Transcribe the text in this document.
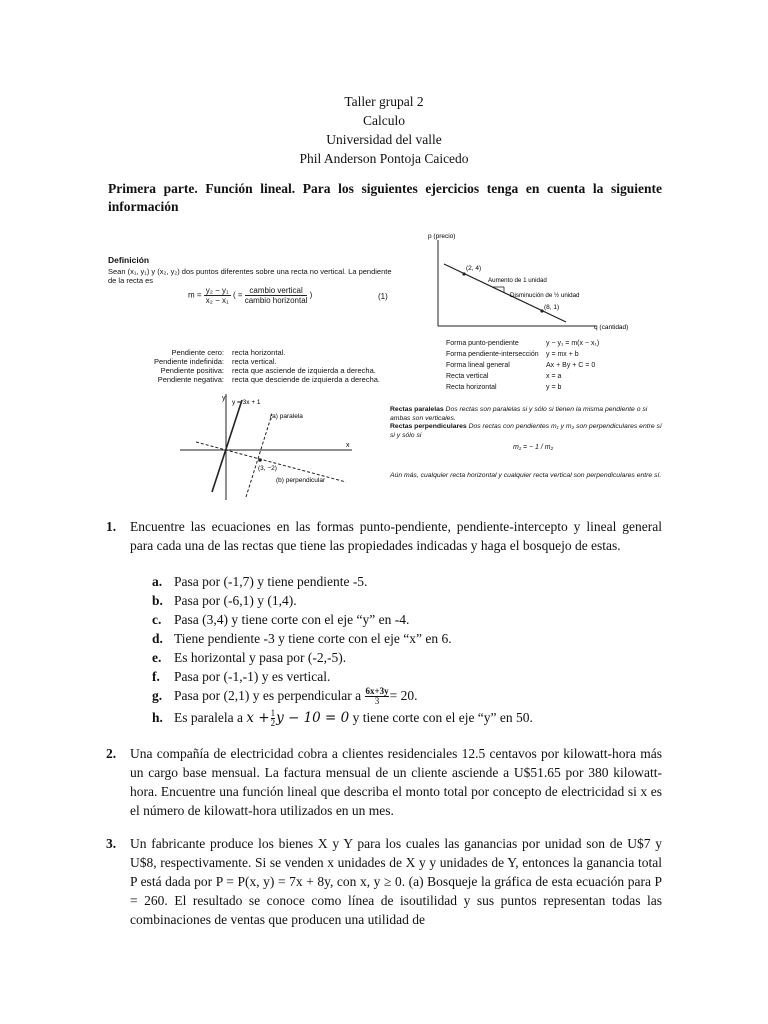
Taller grupal 2
Calculo
Universidad del valle
Phil Anderson Pontoja Caicedo
Primera parte. Función lineal. Para los siguientes ejercicios tenga en cuenta la siguiente información
Definición
Sean (x₁, y₁) y (x₂, y₂) dos puntos diferentes sobre una recta no vertical. La pendiente de la recta es
$m = \frac{\text{y₂ − y₁}}{\text{x₂ − x₁}}$ ( = $\frac{\text{cambio vertical}}{\text{cambio horizontal}}$ )	(1)
Pendiente cero:	recta horizontal.
Pendiente indefinida:	recta vertical.
Pendiente positiva:	recta que asciende de izquierda a derecha.
Pendiente negativa:	recta que desciende de izquierda a derecha.
y
x
y = 3x + 1
(a) paralela
(3, −2)
(b) perpendicular
p (precio)
q (cantidad)
(2, 4)
(8, 1)
Aumento de 1 unidad
Disminución de ½ unidad
Forma punto-pendiente	y − y₁ = m(x − x₁)
Forma pendiente-intersección	y = mx + b
Forma lineal general	Ax + By + C = 0
Recta vertical	x = a
Recta horizontal	y = b
Rectas paralelas Dos rectas son paralelas si y sólo si tienen la misma pendiente o si ambas son verticales.
Rectas perpendiculares Dos rectas con pendientes m₁ y m₂ son perpendiculares entre sí si y sólo si
m₁ = − 1 / m₂
Aún más, cualquier recta horizontal y cualquier recta vertical son perpendiculares entre sí.
1. Encuentre las ecuaciones en las formas punto-pendiente, pendiente-intercepto y lineal general para cada una de las rectas que tiene las propiedades indicadas y haga el bosquejo de estas.
a. Pasa por (-1,7) y tiene pendiente -5.
b. Pasa por (-6,1) y (1,4).
c. Pasa (3,4) y tiene corte con el eje “y” en -4.
d. Tiene pendiente -3 y tiene corte con el eje “x” en 6.
e. Es horizontal y pasa por (-2,-5).
f. Pasa por (-1,-1) y es vertical.
g. Pasa por (2,1) y es perpendicular a $\frac{6x+3y}{3} = 20$.
h. Es paralela a $x + \frac{1}{2}$ y − 10 = 0 y tiene corte con el eje “y” en 50.
2. Una compañía de electricidad cobra a clientes residenciales 12.5 centavos por kilowatt-hora más un cargo base mensual. La factura mensual de un cliente asciende a U$51.65 por 380 kilowatt-hora. Encuentre una función lineal que describa el monto total por concepto de electricidad si x es el número de kilowatt-hora utilizados en un mes.
3. Un fabricante produce los bienes X y Y para los cuales las ganancias por unidad son de U$7 y U$8, respectivamente. Si se venden x unidades de X y y unidades de Y, entonces la ganancia total P está dada por P = P(x, y) = 7x + 8y, con x, y ≥ 0. (a) Bosqueje la gráfica de esta ecuación para P = 260. El resultado se conoce como línea de isoutilidad y sus puntos representan todas las combinaciones de ventas que producen una utilidad de
